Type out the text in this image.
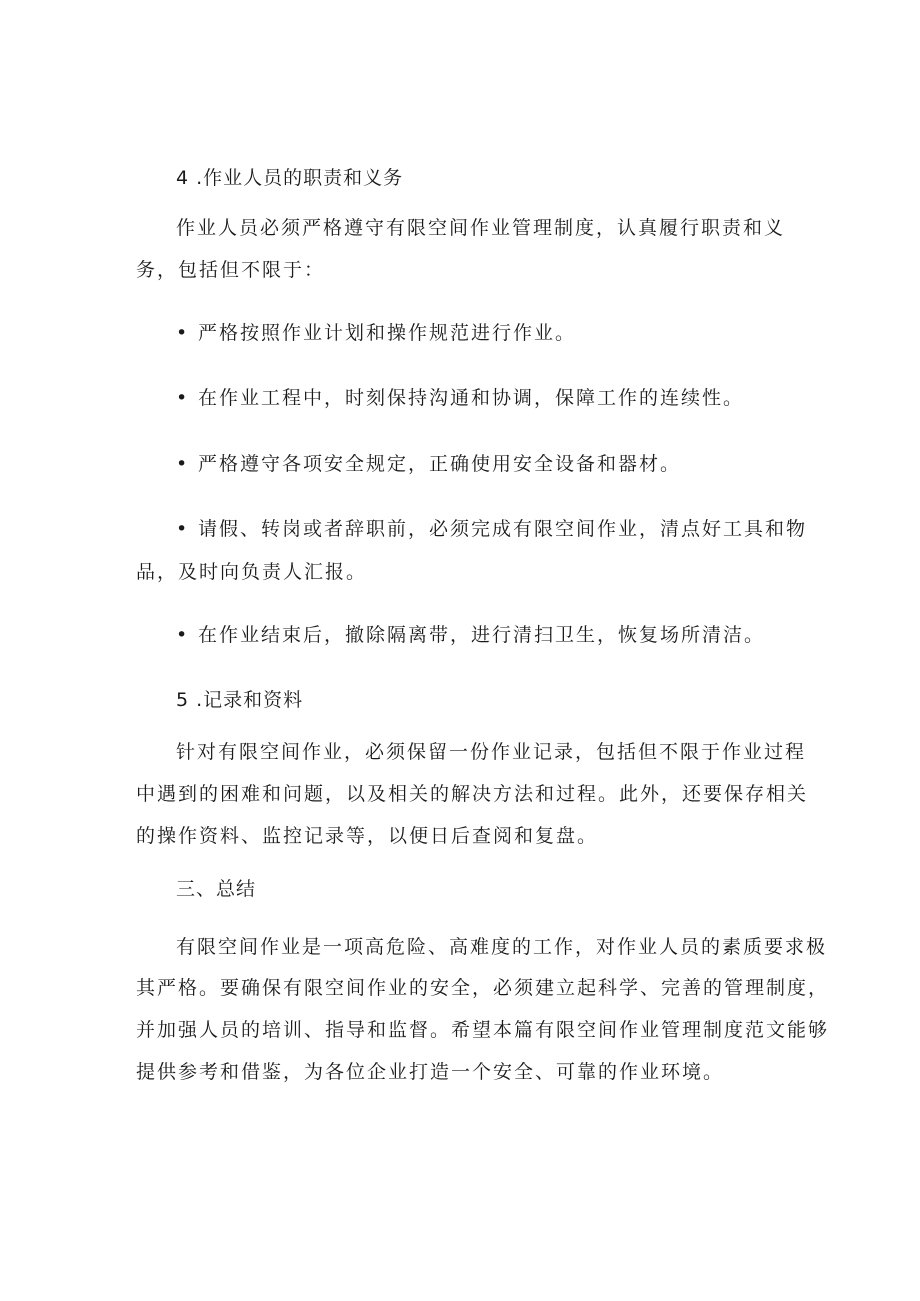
4 .作业人员的职责和义务
作业人员必须严格遵守有限空间作业管理制度，认真履行职责和义
务，包括但不限于：
• 严格按照作业计划和操作规范进行作业。
• 在作业工程中，时刻保持沟通和协调，保障工作的连续性。
• 严格遵守各项安全规定，正确使用安全设备和器材。
• 请假、转岗或者辞职前，必须完成有限空间作业，清点好工具和物
品，及时向负责人汇报。
• 在作业结束后，撤除隔离带，进行清扫卫生，恢复场所清洁。
5 .记录和资料
针对有限空间作业，必须保留一份作业记录，包括但不限于作业过程
中遇到的困难和问题，以及相关的解决方法和过程。此外，还要保存相关
的操作资料、监控记录等，以便日后查阅和复盘。
三、总结
有限空间作业是一项高危险、高难度的工作，对作业人员的素质要求极
其严格。要确保有限空间作业的安全，必须建立起科学、完善的管理制度，
并加强人员的培训、指导和监督。希望本篇有限空间作业管理制度范文能够
提供参考和借鉴，为各位企业打造一个安全、可靠的作业环境。
